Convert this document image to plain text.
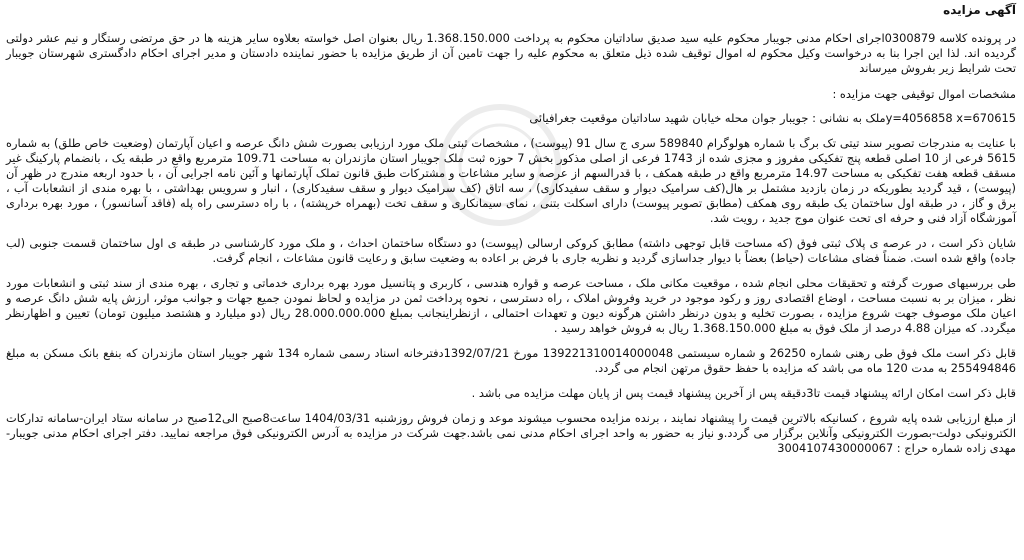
آگهی مزایده

در پرونده کلاسه 0300879اجرای احکام مدنی جویبار محکوم علیه سید صدیق ساداتیان محکوم به پرداخت 1.368.150.000 ریال بعنوان اصل خواسته بعلاوه سایر هزینه ها در حق مرتضی رستگار و نیم عشر دولتی گردیده اند. لذا این اجرا بنا به درخواست وکیل محکوم له اموال توقیف شده ذیل متعلق به محکوم علیه را جهت تامین آن از طریق مزایده با حضور نماینده دادستان و مدیر اجرای احکام دادگستری شهرستان جویبار تحت شرایط زیر بفروش میرساند

مشخصات اموال توقیفی جهت مزایده :

y=4056858 x=670615ملک به نشانی : جویبار جوان محله خیابان شهید ساداتیان موقعیت جغرافیائی

با عنایت به مندرجات تصویر سند تیتی تک برگ با شماره هولوگرام 589840 سری ج سال 91 (پیوست) ، مشخصات ثبتی ملک مورد ارزیابی بصورت شش دانگ عرصه و اعیان آپارتمان (وضعیت خاص طلق) به شماره 5615 فرعی از 10 اصلی قطعه پنج تفکیکی مفروز و مجزی شده از 1743 فرعی از اصلی مذکور بخش 7 حوزه ثبت ملک جویبار استان مازندران به مساحت 109.71 مترمربع واقع در طبقه یک ، بانضمام پارکینگ غیر مسقف قطعه هفت تفکیکی به مساحت 14.97 مترمربع واقع در طبقه همکف ، با قدرالسهم از عرصه و سایر مشاعات و مشترکات طبق قانون تملک آپارتمانها و آئین نامه اجرایی آن ، با حدود اربعه مندرج در ظهر آن (پیوست) ، قید گردید بطوریکه در زمان بازدید مشتمل بر هال(کف سرامیک دیوار و سقف سفیدکاری) ، سه اتاق (کف سرامیک دیوار و سقف سفیدکاری) ، انبار و سرویس بهداشتی ، با بهره مندی از انشعابات آب ، برق و گاز ، در طبقه اول ساختمان یک طبقه روی همکف (مطابق تصویر پیوست) دارای اسکلت بتنی ، نمای سیمانکاری و سقف تخت (بهمراه خرپشته) ، با راه دسترسی راه پله (فاقد آسانسور) ، مورد بهره برداری آموزشگاه آزاد فنی و حرفه ای تحت عنوان موج جدید ، رویت شد.

شایان ذکر است ، در عرصه ی پلاک ثبتی فوق (که مساحت قابل توجهی داشته) مطابق کروکی ارسالی (پیوست) دو دستگاه ساختمان احداث ، و ملک مورد کارشناسی در طبقه ی اول ساختمان قسمت جنوبی (لب جاده) واقع شده است. ضمناً فضای مشاعات (حیاط) بعضاً با دیوار جداسازی گردید و نظریه جاری با فرض بر اعاده به وضعیت سابق و رعایت قانون مشاعات ، انجام گرفت.

طی بررسیهای صورت گرفته و تحقیقات محلی انجام شده ، موقعیت مکانی ملک ، مساحت عرصه و قواره هندسی ، کاربری و پتانسیل مورد بهره برداری خدماتی و تجاری ، بهره مندی از سند ثبتی و انشعابات مورد نظر ، میزان بر به نسبت مساحت ، اوضاع اقتصادی روز و رکود موجود در خرید وفروش املاک ، راه دسترسی ، نحوه پرداخت ثمن در مزایده و لحاظ نمودن جمیع جهات و جوانب موثر، ارزش پایه شش دانگ عرصه و اعیان ملک موصوف جهت شروع مزایده ، بصورت تخلیه و بدون درنظر داشتن هرگونه دیون و تعهدات احتمالی ، ازنظراینجانب بمبلغ 28.000.000.000 ریال (دو میلیارد و هشتصد میلیون تومان) تعیین و اظهارنظر میگردد. که میزان 4.88 درصد از ملک فوق به مبلغ 1.368.150.000 ریال به فروش خواهد رسید .

قابل ذکر است ملک فوق طی رهنی شماره 26250 و شماره سیستمی 139221310014000048 مورخ 1392/07/21دفترخانه اسناد رسمی شماره 134 شهر جویبار استان مازندران که بنفع بانک مسکن به مبلغ 255494846 به مدت 120 ماه می باشد که مزایده با حفظ حقوق مرتهن انجام می گردد.

قابل ذکر است امکان ارائه پیشنهاد قیمت تا3دقیقه پس از آخرین پیشنهاد قیمت پس از پایان مهلت مزایده می باشد .

از مبلغ ارزیابی شده پایه شروع ، کسانیکه بالاترین قیمت را پیشنهاد نمایند ، برنده مزایده محسوب میشوند موعد و زمان فروش روزشنبه 1404/03/31 ساعت8صبح الی12صبح در سامانه ستاد ایران-سامانه تدارکات الکترونیکی دولت-بصورت الکترونیکی وآنلاین برگزار می گردد.و نیاز به حضور به واحد اجرای احکام مدنی نمی باشد.جهت شرکت در مزایده به آدرس الکترونیکی فوق مراجعه نمایید. دفتر اجرای احکام مدنی جویبار- مهدی زاده شماره حراج : 3004107430000067
